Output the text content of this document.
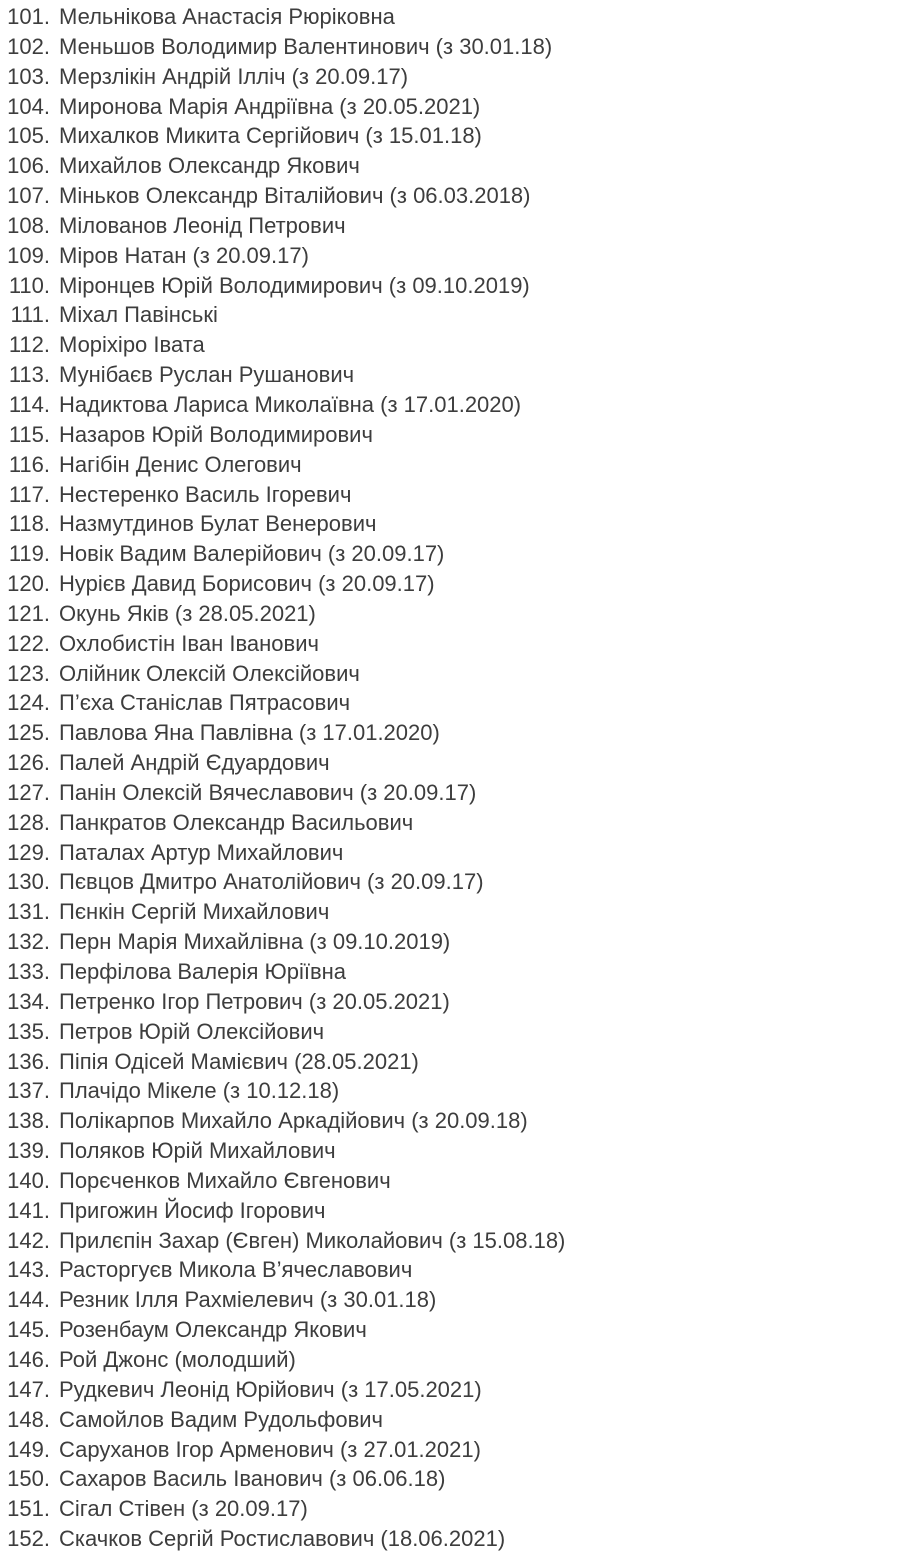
101. Мельнікова Анастасія Рюріковна
102. Меньшов Володимир Валентинович (з 30.01.18)
103. Мерзлікін Андрій Ілліч (з 20.09.17)
104. Миронова Марія Андріївна (з 20.05.2021)
105. Михалков Микита Сергійович (з 15.01.18)
106. Михайлов Олександр Якович
107. Міньков Олександр Віталійович (з 06.03.2018)
108. Мілованов Леонід Петрович
109. Міров Натан (з 20.09.17)
110. Міронцев Юрій Володимирович (з 09.10.2019)
111. Міхал Павінські
112. Моріхіро Івата
113. Мунібаєв Руслан Рушанович
114. Надиктова Лариса Миколаївна (з 17.01.2020)
115. Назаров Юрій Володимирович
116. Нагібін Денис Олегович
117. Нестеренко Василь Ігоревич
118. Назмутдинов Булат Венерович
119. Новік Вадим Валерійович (з 20.09.17)
120. Нурієв Давид Борисович (з 20.09.17)
121. Окунь Яків (з 28.05.2021)
122. Охлобистін Іван Іванович
123. Олійник Олексій Олексійович
124. П’єха Станіслав Пятрасович
125. Павлова Яна Павлівна (з 17.01.2020)
126. Палей Андрій Єдуардович
127. Панін Олексій Вячеславович (з 20.09.17)
128. Панкратов Олександр Васильович
129. Паталах Артур Михайлович
130. Пєвцов Дмитро Анатолійович (з 20.09.17)
131. Пєнкін Сергій Михайлович
132. Перн Марія Михайлівна (з 09.10.2019)
133. Перфілова Валерія Юріївна
134. Петренко Ігор Петрович (з 20.05.2021)
135. Петров Юрій Олексійович
136. Піпія Одісей Мамієвич (28.05.2021)
137. Плачідо Мікеле (з 10.12.18)
138. Полікарпов Михайло Аркадійович (з 20.09.18)
139. Поляков Юрій Михайлович
140. Порєченков Михайло Євгенович
141. Пригожин Йосиф Ігорович
142. Прилєпін Захар (Євген) Миколайович (з 15.08.18)
143. Расторгуєв Микола В’ячеславович
144. Резник Ілля Рахміелевич (з 30.01.18)
145. Розенбаум Олександр Якович
146. Рой Джонс (молодший)
147. Рудкевич Леонід Юрійович (з 17.05.2021)
148. Самойлов Вадим Рудольфович
149. Саруханов Ігор Арменович (з 27.01.2021)
150. Сахаров Василь Іванович (з 06.06.18)
151. Сігал Стівен (з 20.09.17)
152. Скачков Сергій Ростиславович (18.06.2021)
